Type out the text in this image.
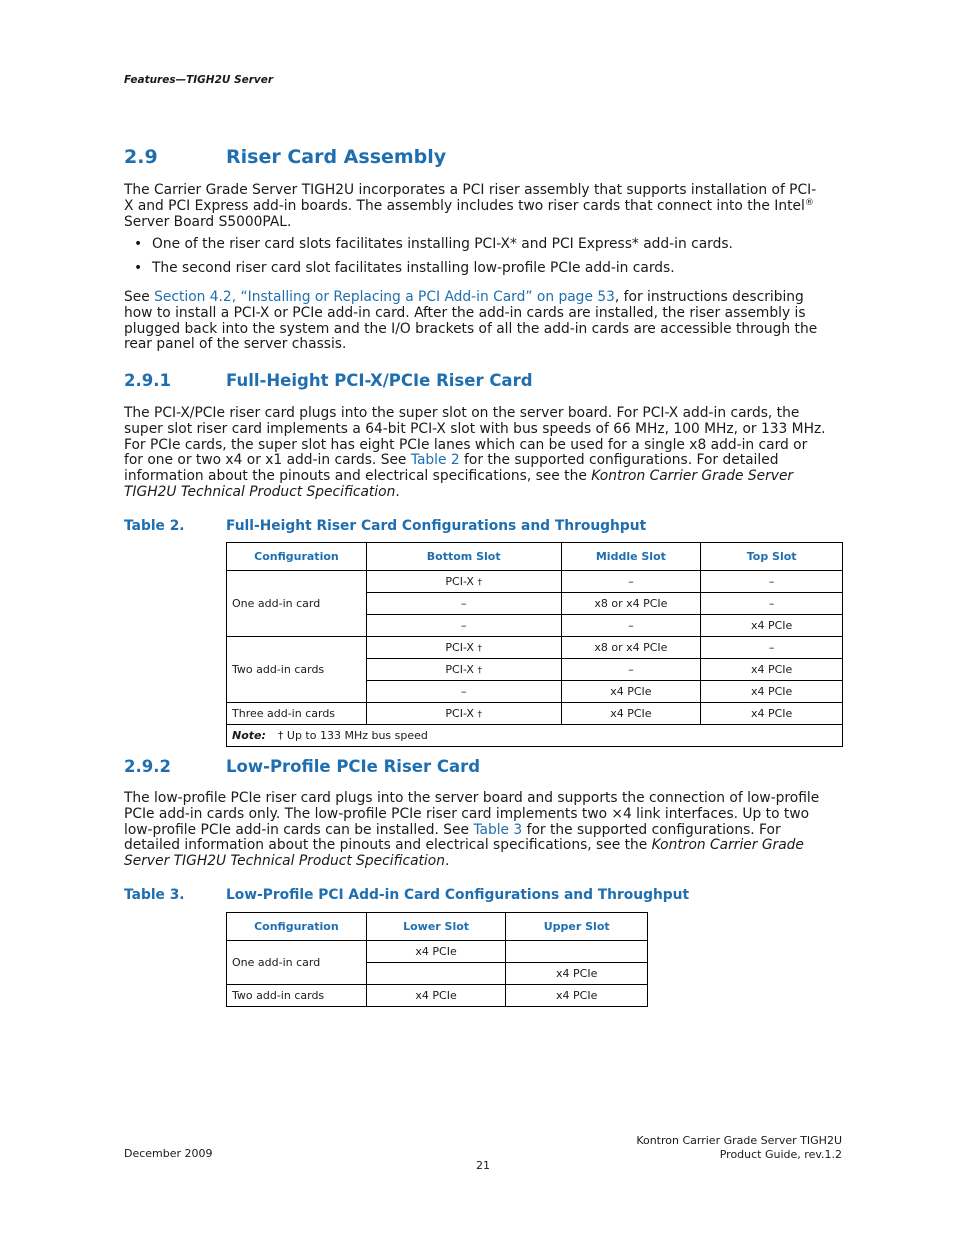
Features—TIGH2U Server
2.9	Riser Card Assembly
The Carrier Grade Server TIGH2U incorporates a PCI riser assembly that supports installation of PCI-
X and PCI Express add-in boards. The assembly includes two riser cards that connect into the Intel®
Server Board S5000PAL.
• One of the riser card slots facilitates installing PCI-X* and PCI Express* add-in cards.
• The second riser card slot facilitates installing low-profile PCIe add-in cards.
See Section 4.2, “Installing or Replacing a PCI Add-in Card” on page 53, for instructions describing
how to install a PCI-X or PCIe add-in card. After the add-in cards are installed, the riser assembly is
plugged back into the system and the I/O brackets of all the add-in cards are accessible through the
rear panel of the server chassis.
2.9.1	Full-Height PCI-X/PCIe Riser Card
The PCI-X/PCIe riser card plugs into the super slot on the server board. For PCI-X add-in cards, the
super slot riser card implements a 64-bit PCI-X slot with bus speeds of 66 MHz, 100 MHz, or 133 MHz.
For PCIe cards, the super slot has eight PCIe lanes which can be used for a single x8 add-in card or
for one or two x4 or x1 add-in cards. See Table 2 for the supported configurations. For detailed
information about the pinouts and electrical specifications, see the Kontron Carrier Grade Server
TIGH2U Technical Product Specification.
Table 2.	Full-Height Riser Card Configurations and Throughput
Configuration	Bottom Slot	Middle Slot	Top Slot
One add-in card	PCI-X †	–	–
	–	x8 or x4 PCIe	–
	–	–	x4 PCIe
Two add-in cards	PCI-X †	x8 or x4 PCIe	–
	PCI-X †	–	x4 PCIe
	–	x4 PCIe	x4 PCIe
Three add-in cards	PCI-X †	x4 PCIe	x4 PCIe
Note: † Up to 133 MHz bus speed			
2.9.2	Low-Profile PCIe Riser Card
The low-profile PCIe riser card plugs into the server board and supports the connection of low-profile
PCIe add-in cards only. The low-profile PCIe riser card implements two ×4 link interfaces. Up to two
low-profile PCIe add-in cards can be installed. See Table 3 for the supported configurations. For
detailed information about the pinouts and electrical specifications, see the Kontron Carrier Grade
Server TIGH2U Technical Product Specification.
Table 3.	Low-Profile PCI Add-in Card Configurations and Throughput
Configuration	Lower Slot	Upper Slot
One add-in card	x4 PCIe	
		x4 PCIe
Two add-in cards	x4 PCIe	x4 PCIe
December 2009
Kontron Carrier Grade Server TIGH2U
Product Guide, rev.1.2
21
